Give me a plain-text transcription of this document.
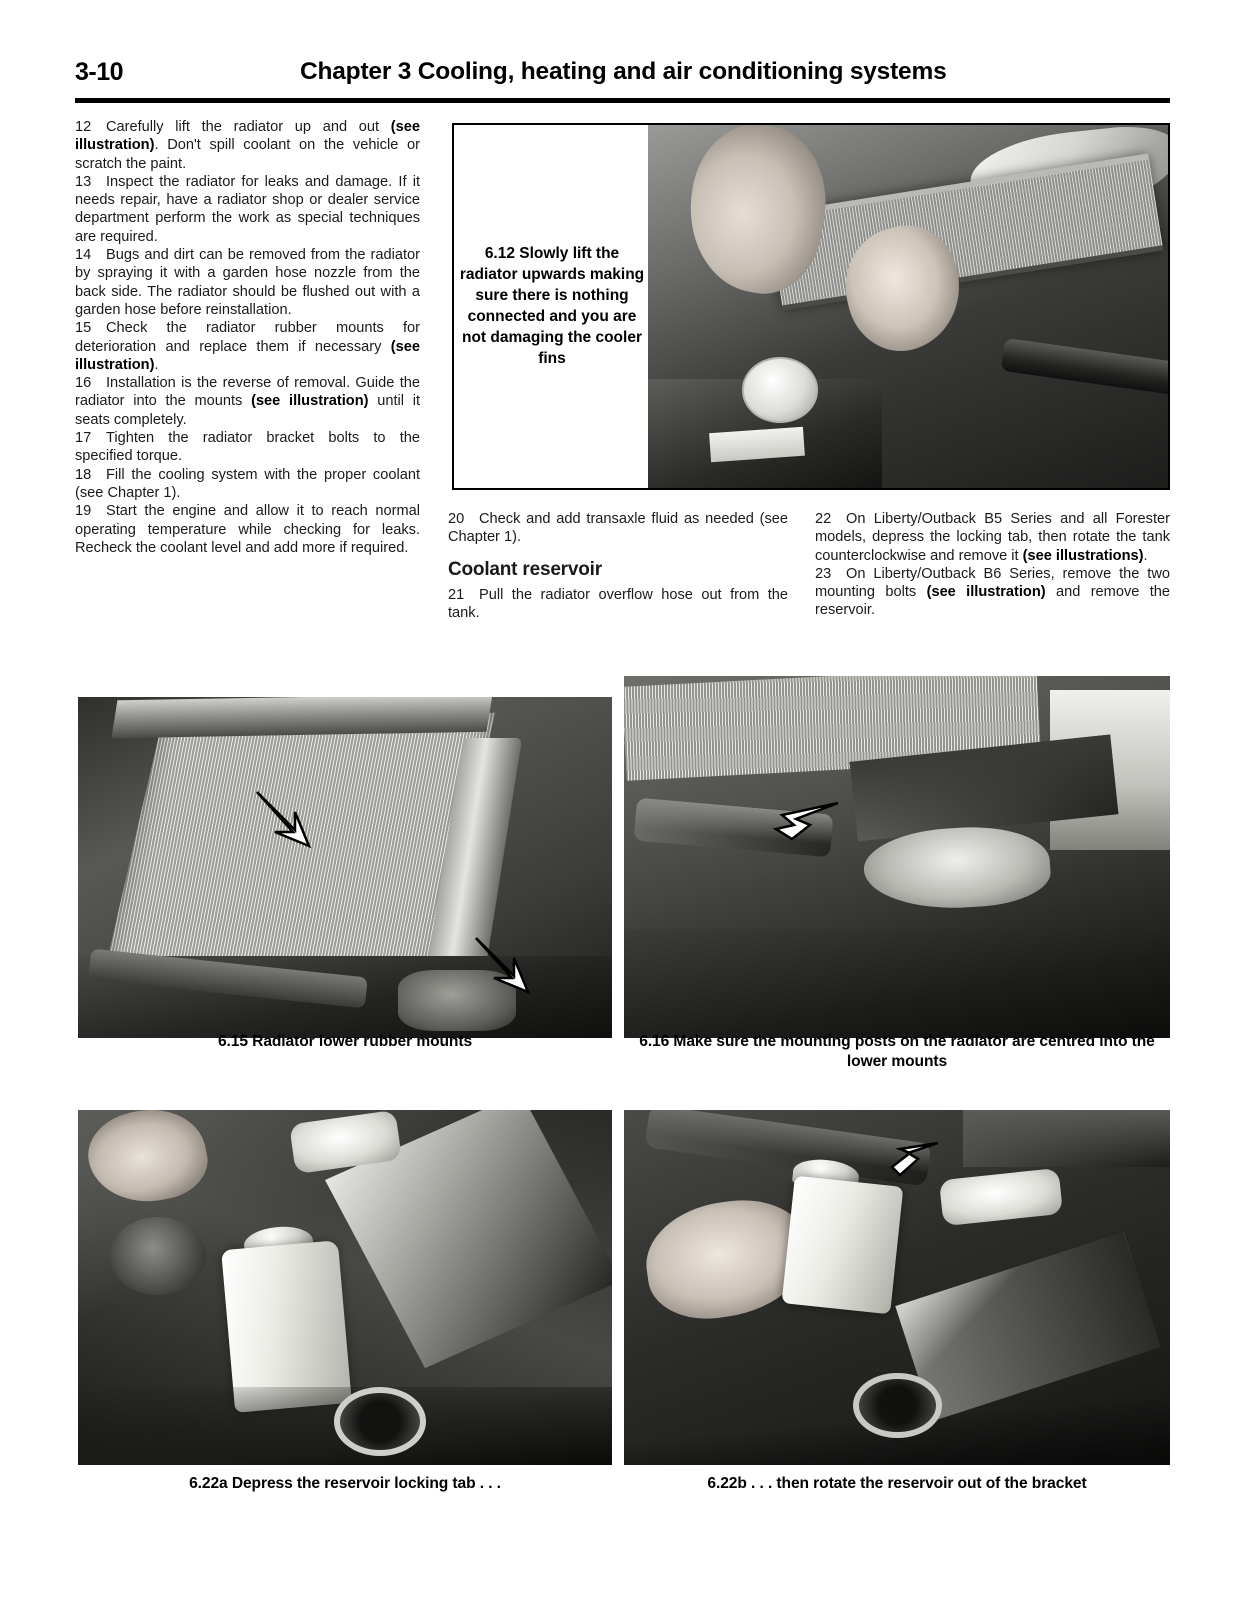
3-10	Chapter 3 Cooling, heating and air conditioning systems

12 Carefully lift the radiator up and out (see illustration). Don't spill coolant on the vehicle or scratch the paint.

13 Inspect the radiator for leaks and damage. If it needs repair, have a radiator shop or dealer service department perform the work as special techniques are required.

14 Bugs and dirt can be removed from the radiator by spraying it with a garden hose nozzle from the back side. The radiator should be flushed out with a garden hose before reinstallation.

15 Check the radiator rubber mounts for deterioration and replace them if necessary (see illustration).

16 Installation is the reverse of removal. Guide the radiator into the mounts (see illustration) until it seats completely.

17 Tighten the radiator bracket bolts to the specified torque.

18 Fill the cooling system with the proper coolant (see Chapter 1).

19 Start the engine and allow it to reach normal operating temperature while checking for leaks. Recheck the coolant level and add more if required.

20 Check and add transaxle fluid as needed (see Chapter 1).

Coolant reservoir

21 Pull the radiator overflow hose out from the tank.

22 On Liberty/Outback B5 Series and all Forester models, depress the locking tab, then rotate the tank counterclockwise and remove it (see illustrations).

23 On Liberty/Outback B6 Series, remove the two mounting bolts (see illustration) and remove the reservoir.

6.12 Slowly lift the radiator upwards making sure there is nothing connected and you are not damaging the cooler fins
6.15 Radiator lower rubber mounts	6.16 Make sure the mounting posts on the radiator are centred into the lower mounts
6.22a Depress the reservoir locking tab . . .	6.22b . . . then rotate the reservoir out of the bracket
